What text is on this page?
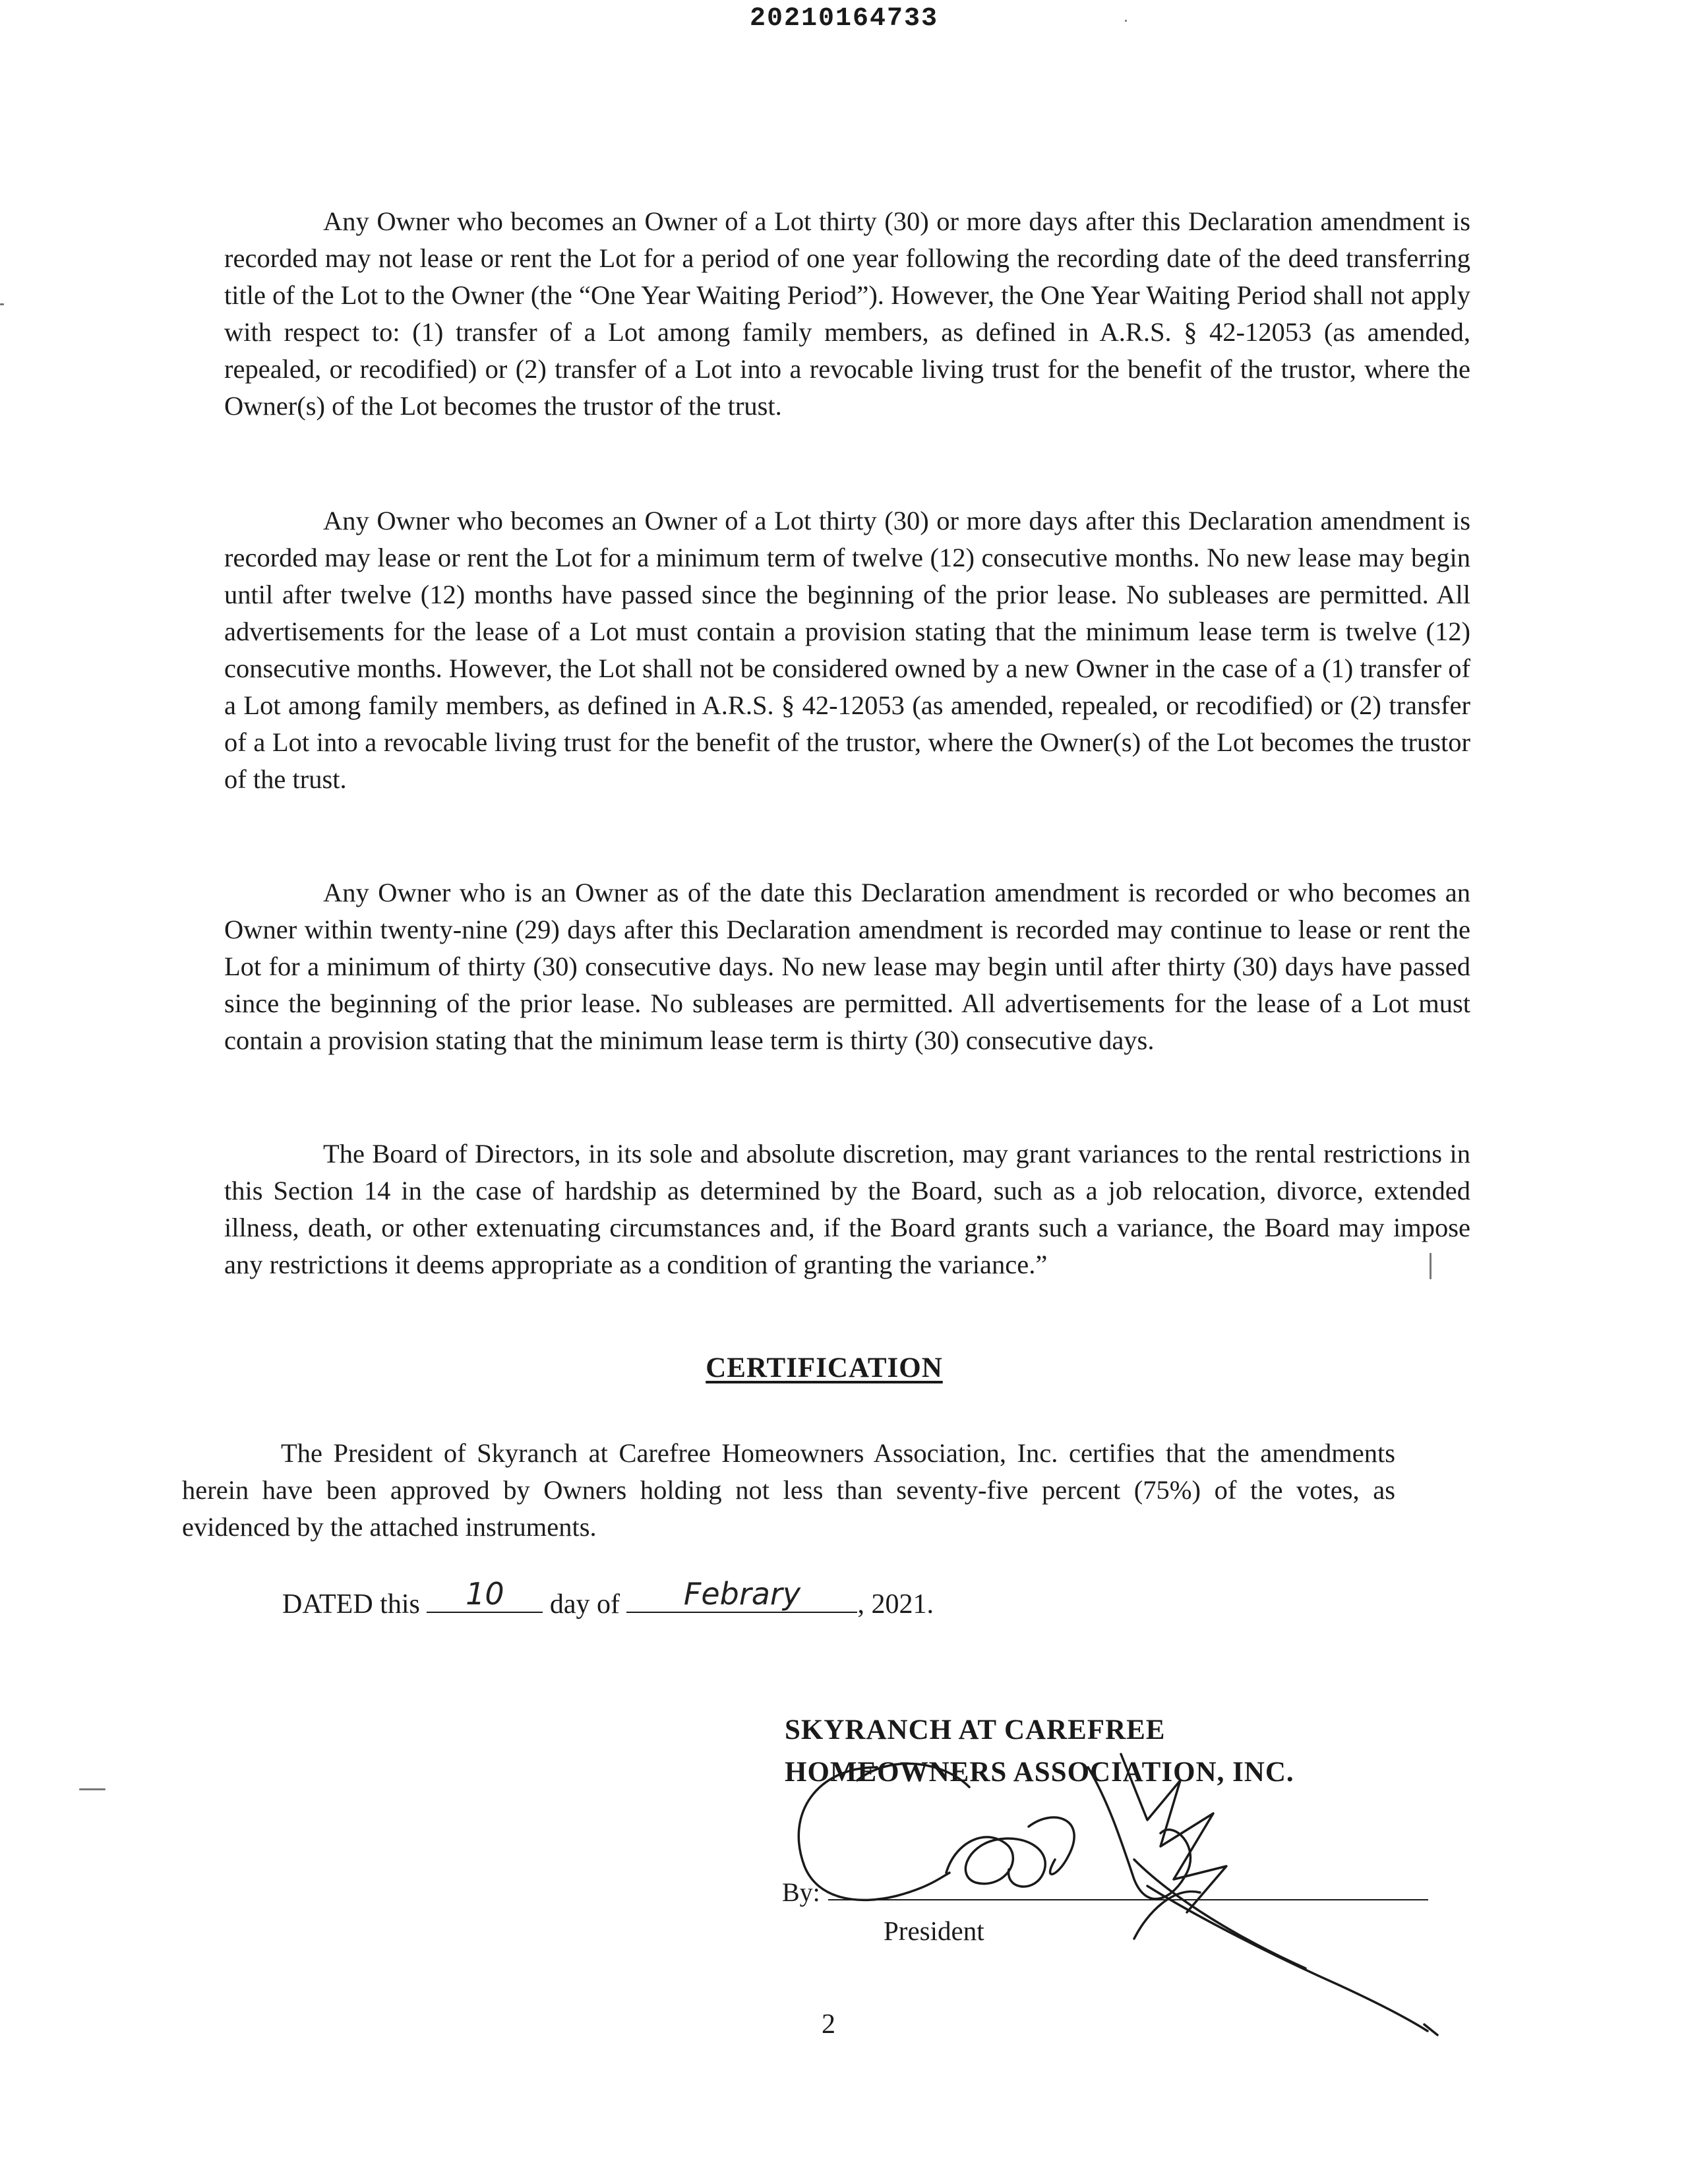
20210164733

Any Owner who becomes an Owner of a Lot thirty (30) or more days after this Declaration amendment is recorded may not lease or rent the Lot for a period of one year following the recording date of the deed transferring title of the Lot to the Owner (the “One Year Waiting Period”). However, the One Year Waiting Period shall not apply with respect to: (1) transfer of a Lot among family members, as defined in A.R.S. § 42-12053 (as amended, repealed, or recodified) or (2) transfer of a Lot into a revocable living trust for the benefit of the trustor, where the Owner(s) of the Lot becomes the trustor of the trust.

Any Owner who becomes an Owner of a Lot thirty (30) or more days after this Declaration amendment is recorded may lease or rent the Lot for a minimum term of twelve (12) consecutive months. No new lease may begin until after twelve (12) months have passed since the beginning of the prior lease. No subleases are permitted. All advertisements for the lease of a Lot must contain a provision stating that the minimum lease term is twelve (12) consecutive months. However, the Lot shall not be considered owned by a new Owner in the case of a (1) transfer of a Lot among family members, as defined in A.R.S. § 42-12053 (as amended, repealed, or recodified) or (2) transfer of a Lot into a revocable living trust for the benefit of the trustor, where the Owner(s) of the Lot becomes the trustor of the trust.

Any Owner who is an Owner as of the date this Declaration amendment is recorded or who becomes an Owner within twenty-nine (29) days after this Declaration amendment is recorded may continue to lease or rent the Lot for a minimum of thirty (30) consecutive days. No new lease may begin until after thirty (30) days have passed since the beginning of the prior lease. No subleases are permitted. All advertisements for the lease of a Lot must contain a provision stating that the minimum lease term is thirty (30) consecutive days.

The Board of Directors, in its sole and absolute discretion, may grant variances to the rental restrictions in this Section 14 in the case of hardship as determined by the Board, such as a job relocation, divorce, extended illness, death, or other extenuating circumstances and, if the Board grants such a variance, the Board may impose any restrictions it deems appropriate as a condition of granting the variance.”

CERTIFICATION

The President of Skyranch at Carefree Homeowners Association, Inc. certifies that the amendments herein have been approved by Owners holding not less than seventy-five percent (75%) of the votes, as evidenced by the attached instruments.

DATED this	10	day of	Febrary	, 2021.
SKYRANCH AT CAREFREE
HOMEOWNERS ASSOCIATION, INC.
By:
President
2
